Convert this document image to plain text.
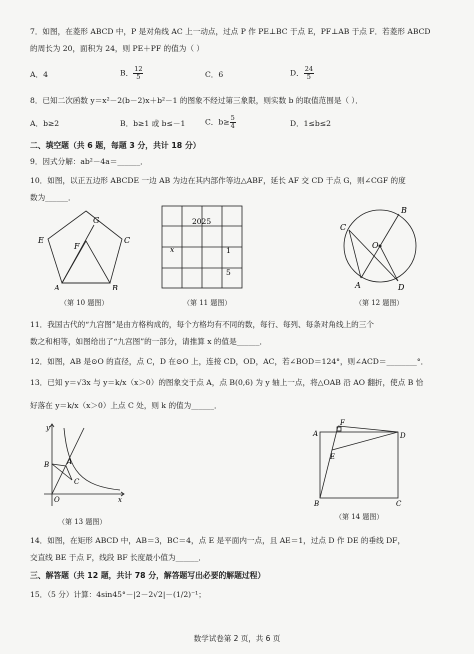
7．如图，在菱形 ABCD 中，P 是对角线 AC 上一动点，过点 P 作 PE⊥BC 于点 E，PF⊥AB 于点 F．若菱形 ABCD
的周长为 20，面积为 24，则 PE＋PF 的值为（ ）
A．4	B． $\frac{12}{5}$	C．6	D． $\frac{24}{5}$
8．已知二次函数 y＝x²－2(b－2)x＋b²－1 的图象不经过第三象限，则实数 b 的取值范围是（ ）．
A．b≥2	B．b≥1 或 b≤－1	C．$b\ge \frac{5}{4}$	D．1≤b≤2
二、填空题（共 6 题，每题 3 分，共计 18 分）
9．因式分解：ab²－4a＝______．
10．如图，以正五边形 ABCDE 一边 AB 为边在其内部作等边△ABF，延长 AF 交 CD 于点 G，则∠CGF 的度
数为______．
E
G
C
F
A	B
（第 10 题图）
2025
x	1
5
（第 11 题图）
C
B
O
A	D
（第 12 题图）
11．我国古代的“九宫图”是由方格构成的，每个方格均有不同的数，每行、每列、每条对角线上的三个
数之和相等，如图给出了“九宫图”的一部分，请推算 x 的值是______．
12．如图，AB 是⊙O 的直径，点 C，D 在⊙O 上，连接 CD，OD，AC，若∠BOD＝124°，则∠ACD＝________°．
13．已知 y＝√3x 与 y＝k/x（x＞0）的图象交于点 A，点 B(0,6) 为 y 轴上一点，将△OAB 沿 AO 翻折，使点 B 恰
好落在 y＝k/x（x＞0）上点 C 处，则 k 的值为______．
y
A
B
C
O	x
（第 13 题图）
F
A	D
E
B	C
（第 14 题图）
14．如图，在矩形 ABCD 中，AB＝3，BC＝4，点 E 是平面内一点，且 AE＝1，过点 D 作 DE 的垂线 DF，
交直线 BE 于点 F，线段 BF 长度最小值为______．
三、解答题（共 12 题，共计 78 分，解答题写出必要的解题过程）
15．（5 分）计算：4sin45°－|2－2√2|－(1/2)⁻¹；
数学试卷第 2 页，共 6 页
